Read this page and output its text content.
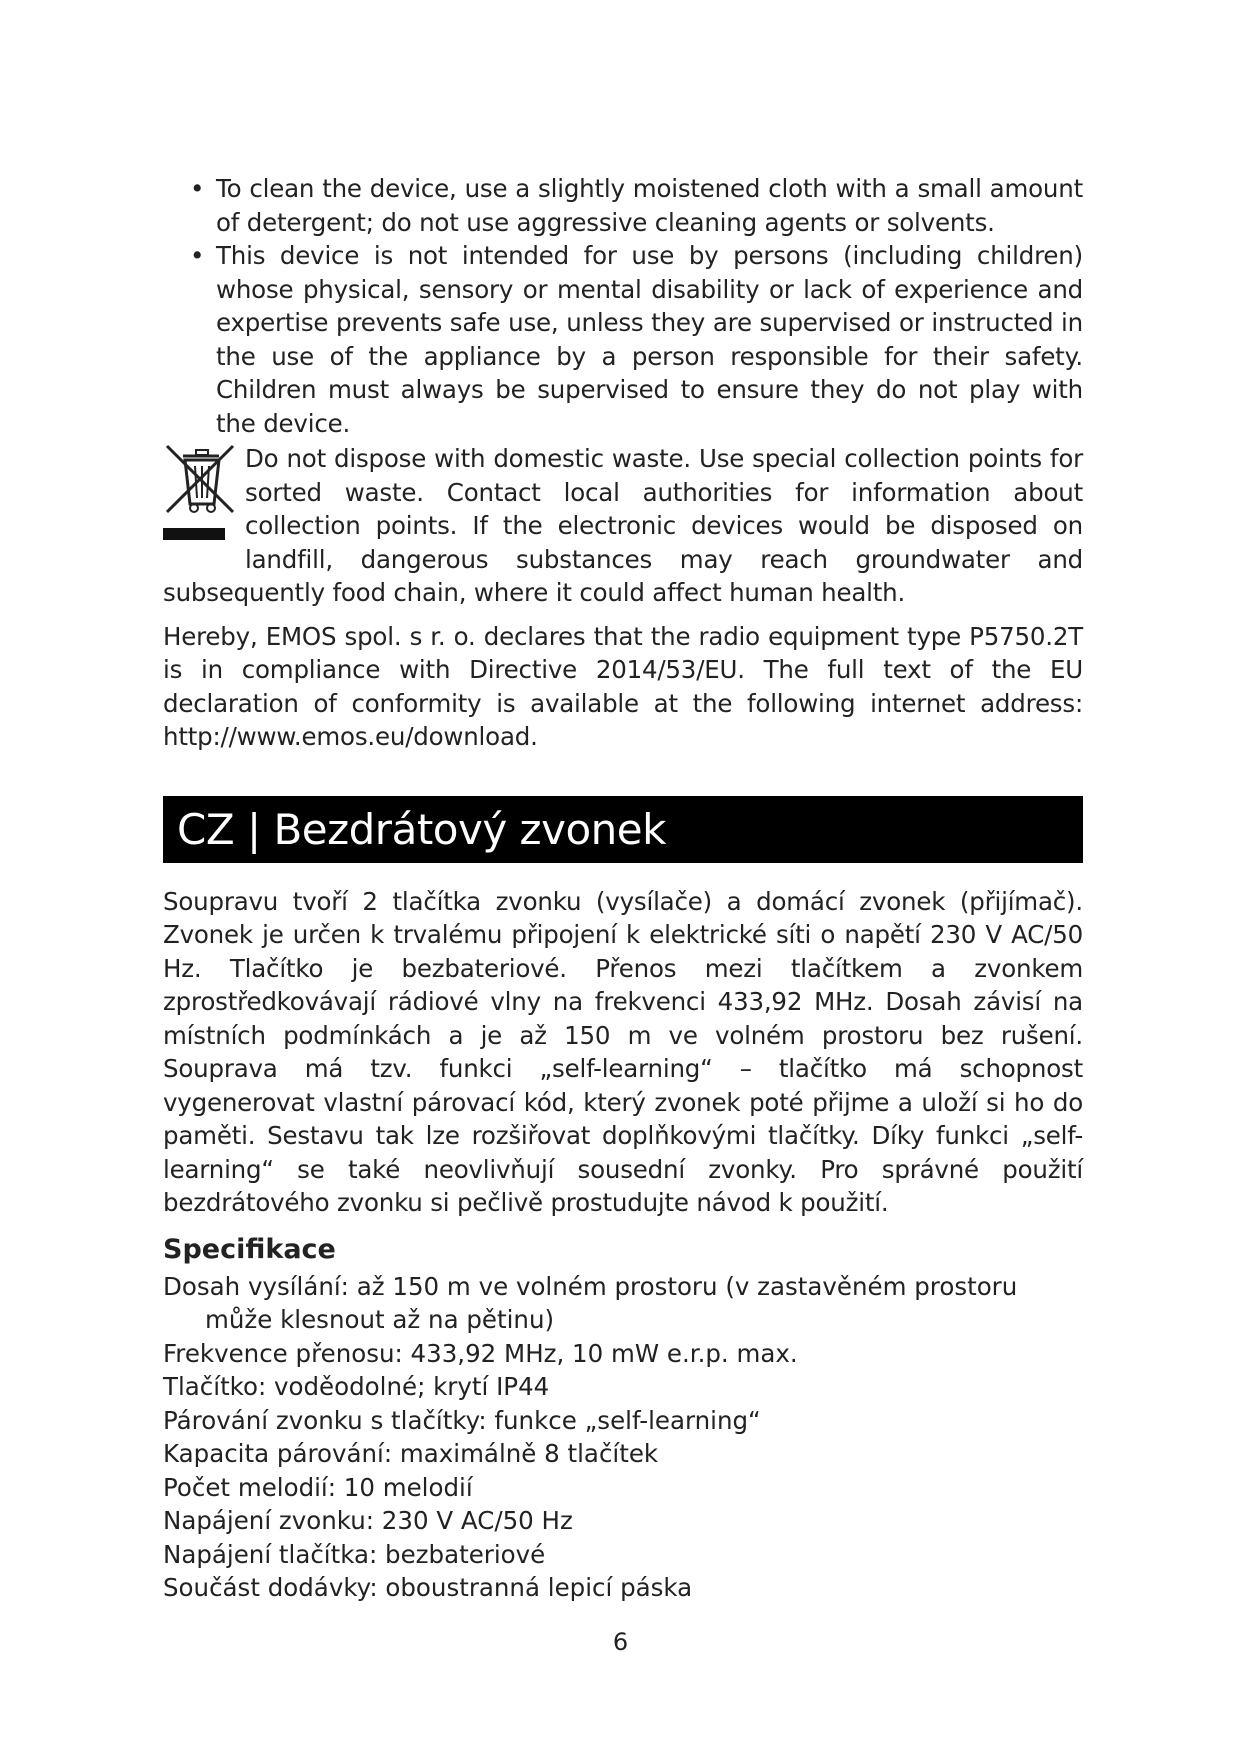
• To clean the device, use a slightly moistened cloth with a small amount of detergent; do not use aggressive cleaning agents or solvents.
• This device is not intended for use by persons (including children) whose physical, sensory or mental disability or lack of experience and expertise prevents safe use, unless they are supervised or instructed in the use of the appliance by a person responsible for their safety. Children must always be supervised to ensure they do not play with the device.
Do not dispose with domestic waste. Use special collection points for sorted waste. Contact local authorities for information about collection points. If the electronic devices would be disposed on landfill, dangerous substances may reach groundwater and subsequently food chain, where it could affect human health.

Hereby, EMOS spol. s r. o. declares that the radio equipment type P5750.2T is in compliance with Directive 2014/53/EU. The full text of the EU declaration of conformity is available at the following internet address: http://www.emos.eu/download.

CZ | Bezdrátový zvonek

Soupravu tvoří 2 tlačítka zvonku (vysílače) a domácí zvonek (přijímač). Zvonek je určen k trvalému připojení k elektrické síti o napětí 230 V AC/50 Hz. Tlačítko je bezbateriové. Přenos mezi tlačítkem a zvonkem zprostředkovávají rádiové vlny na frekvenci 433,92 MHz. Dosah závisí na místních podmínkách a je až 150 m ve volném prostoru bez rušení. Souprava má tzv. funkci „self-learning“ – tlačítko má schopnost vygenerovat vlastní párovací kód, který zvonek poté přijme a uloží si ho do paměti. Sestavu tak lze rozšiřovat doplňkovými tlačítky. Díky funkci „self-learning“ se také neovlivňují sousední zvonky. Pro správné použití bezdrátového zvonku si pečlivě prostudujte návod k použití.

Specifikace
Dosah vysílání: až 150 m ve volném prostoru (v zastavěném prostoru může klesnout až na pětinu)
Frekvence přenosu: 433,92 MHz, 10 mW e.r.p. max.
Tlačítko: voděodolné; krytí IP44
Párování zvonku s tlačítky: funkce „self-learning“
Kapacita párování: maximálně 8 tlačítek
Počet melodií: 10 melodií
Napájení zvonku: 230 V AC/50 Hz
Napájení tlačítka: bezbateriové
Součást dodávky: oboustranná lepicí páska
6
